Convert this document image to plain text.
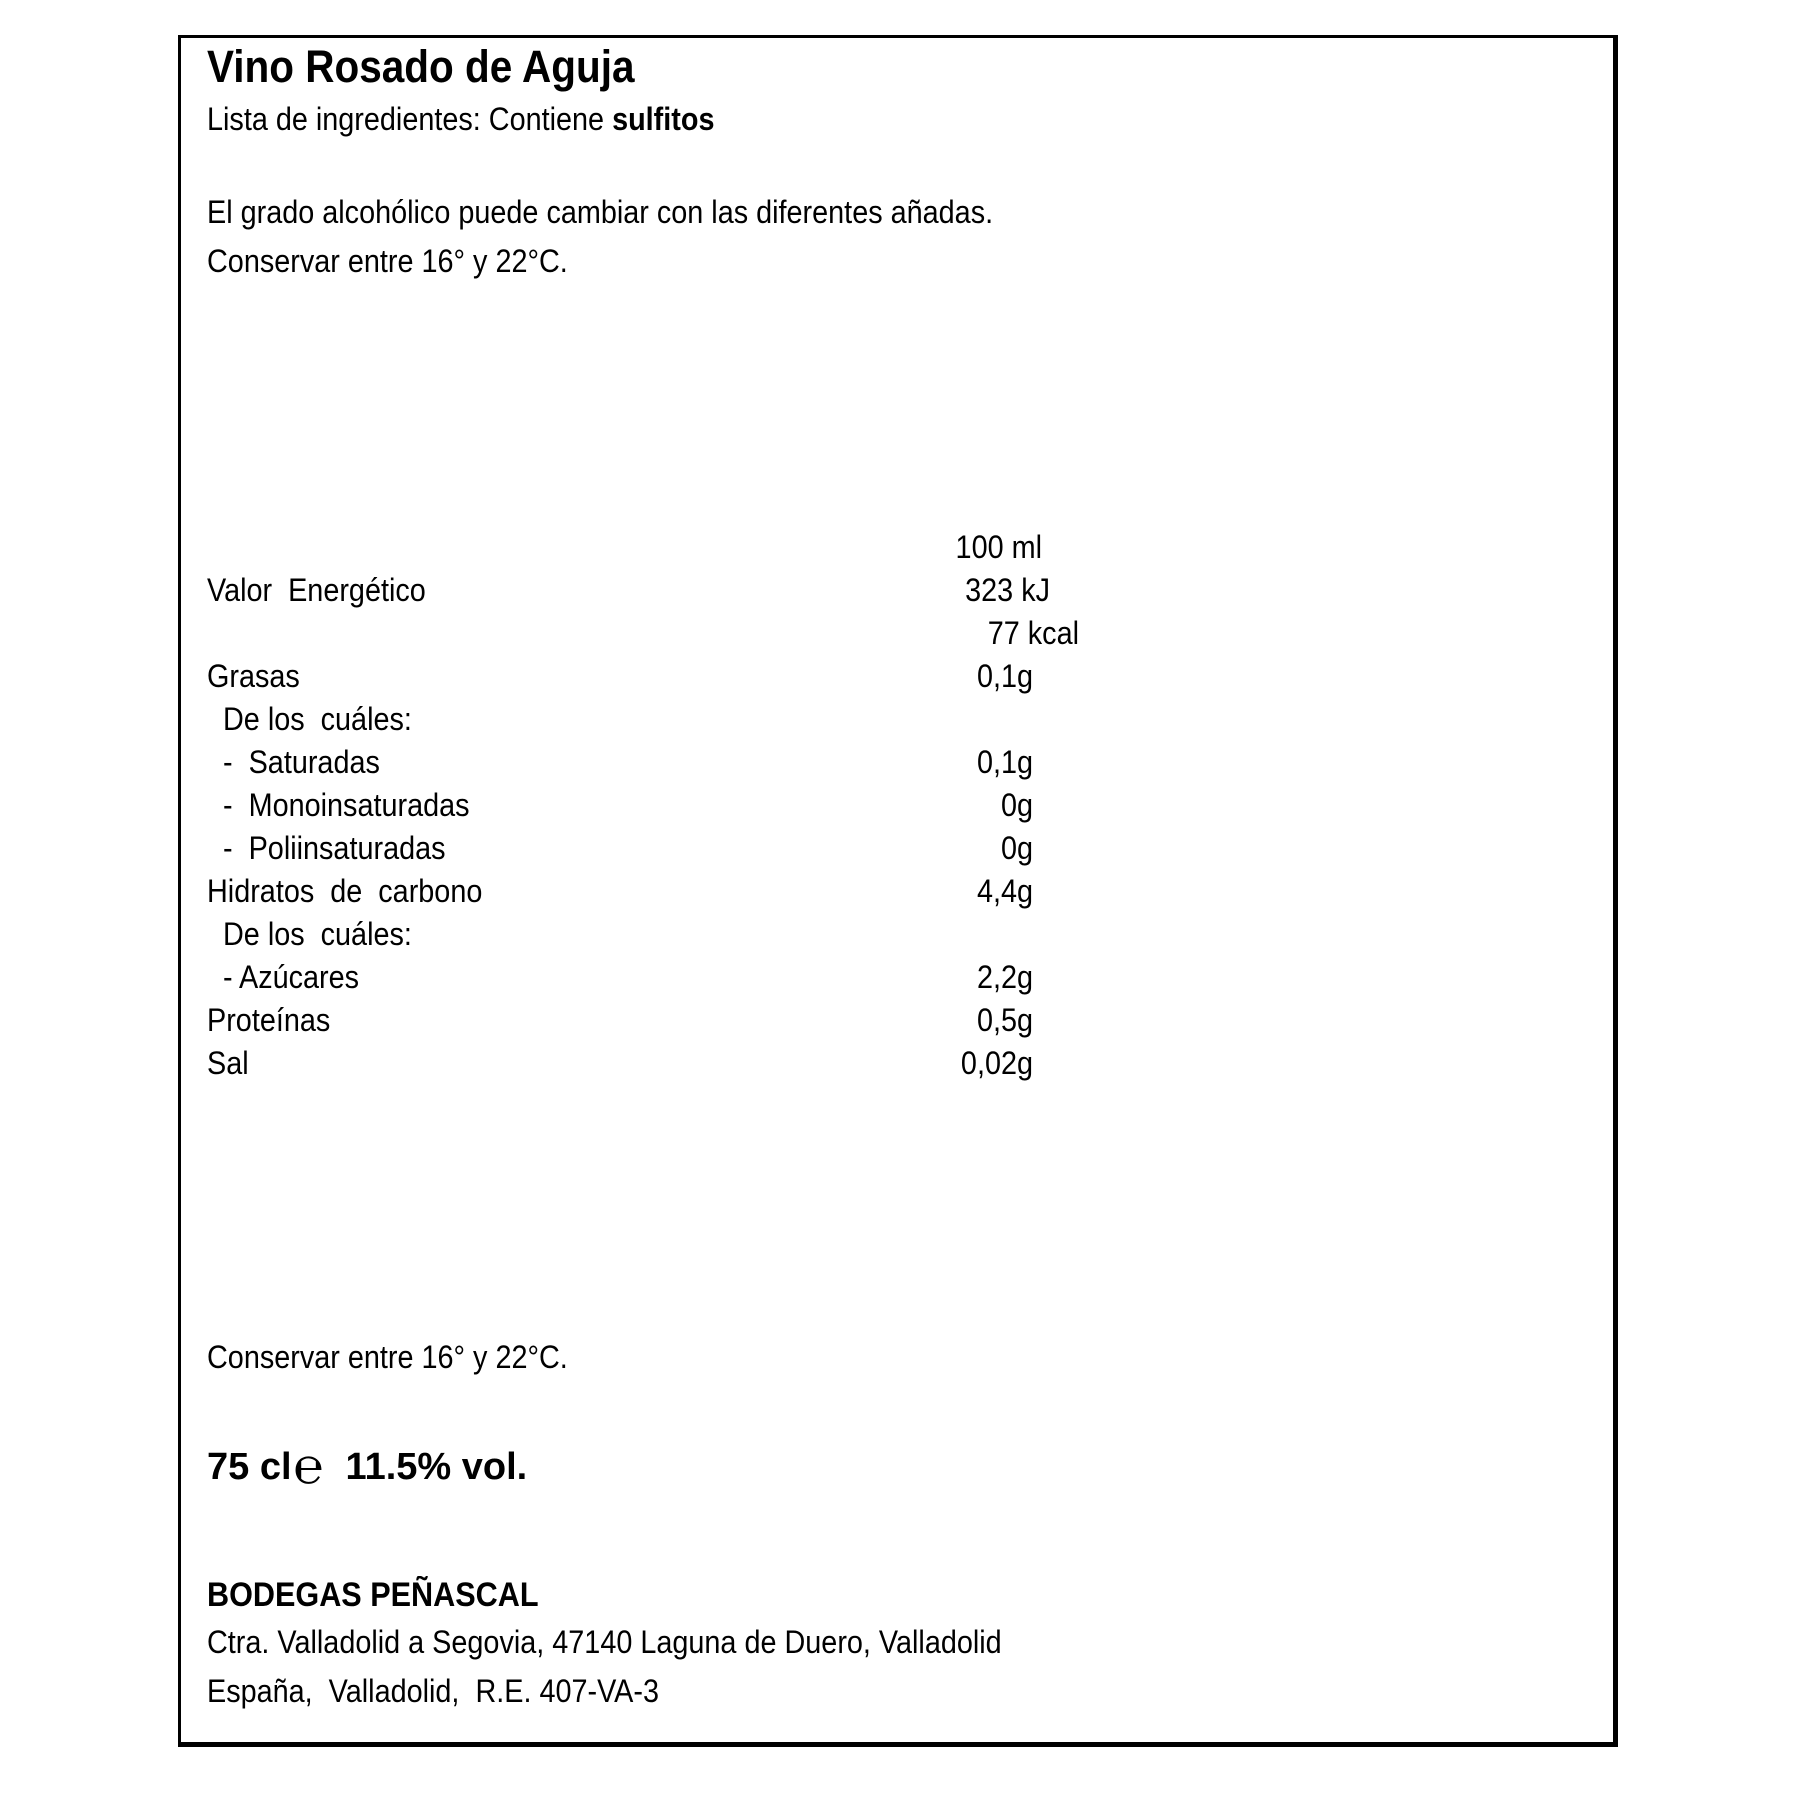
Vino Rosado de Aguja
Lista de ingredientes: Contiene sulfitos
El grado alcohólico puede cambiar con las diferentes añadas.
Conservar entre 16° y 22°C.
100 ml
Valor  Energético	323 kJ
77 kcal
Grasas	0,1g
De los  cuáles:
-  Saturadas	0,1g
-  Monoinsaturadas	0g
-  Poliinsaturadas	0g
Hidratos  de  carbono	4,4g
De los  cuáles:
- Azúcares	2,2g
Proteínas	0,5g
Sal	0,02g
Conservar entre 16° y 22°C.
75 cl℮ 11.5% vol.
BODEGAS PEÑASCAL
Ctra. Valladolid a Segovia, 47140 Laguna de Duero, Valladolid
España,  Valladolid,  R.E. 407-VA-3
